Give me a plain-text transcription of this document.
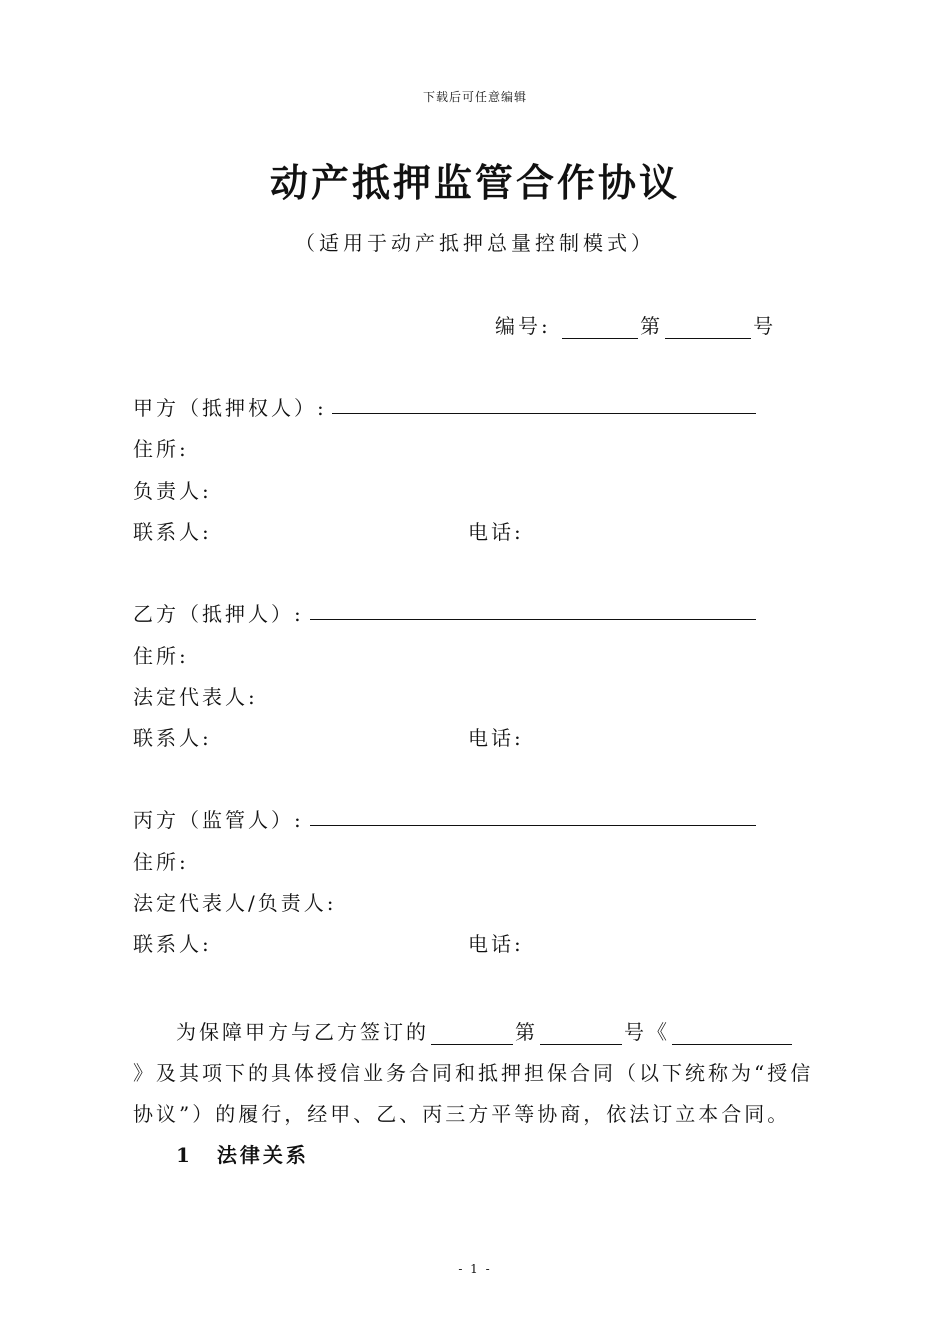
下载后可任意编辑
动产抵押监管合作协议
（适用于动产抵押总量控制模式）
编号:	第	号
甲方（抵押权人）:
住所:
负责人:
联系人:	电话:
乙方（抵押人）:
住所:
法定代表人:
联系人:	电话:
丙方（监管人）:
住所:
法定代表人/负责人:
联系人:	电话:
为保障甲方与乙方签订的	第	号《
》及其项下的具体授信业务合同和抵押担保合同（以下统称为“授信
协议”）的履行，经甲、乙、丙三方平等协商，依法订立本合同。
1 法律关系
- 1 -
